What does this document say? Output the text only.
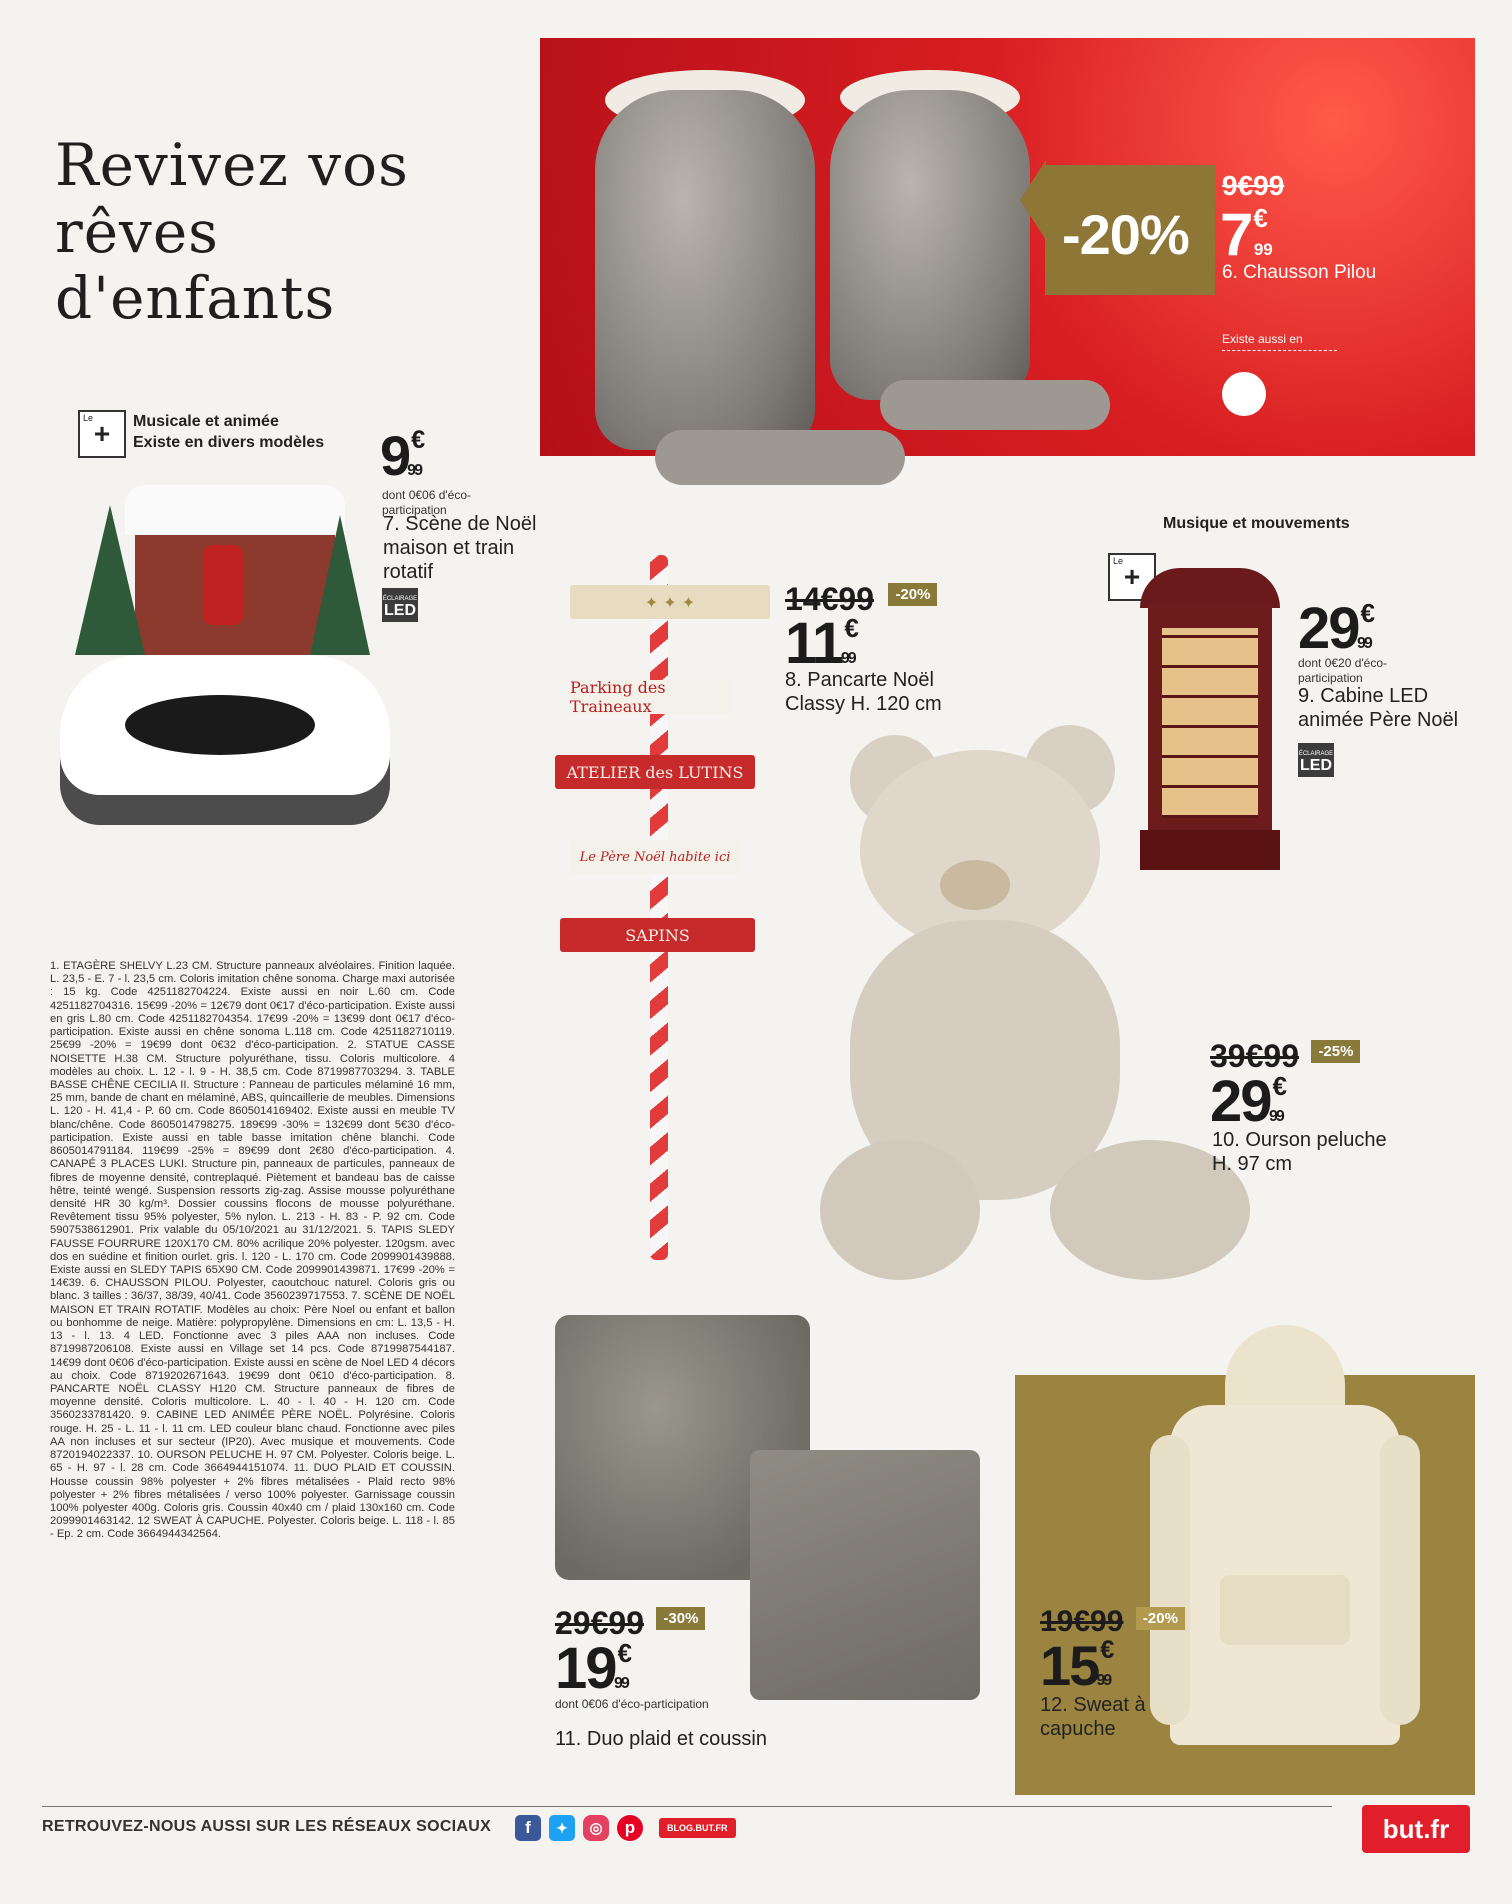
Revivez vos rêves
d'enfants
-20%
9€99
7€99
6. Chausson Pilou
Existe aussi en
Le +	Musicale et animée
Existe en divers modèles 9€99
dont 0€06 d'éco-participation
7. Scène de Noël maison et train rotatif
ÉCLAIRAGE
LED	✦ ✦ ✦
Parking des Traineaux
ATELIER des LUTINS
Le Père Noël habite ici
SAPINS
14€99 -20%
11€99
8. Pancarte Noël Classy H. 120 cm
Le +
Musique et mouvements
29€99
dont 0€20 d'éco-participation
9. Cabine LED animée Père Noël
ÉCLAIRAGE
LED
39€99 -25%
29€99
10. Ourson peluche H. 97 cm
29€99 -30%
19€99
dont 0€06 d'éco-participation
11. Duo plaid et coussin
19€99 -20%
15€99
12. Sweat à capuche

1. ETAGÈRE SHELVY L.23 CM. Structure panneaux alvéolaires. Finition laquée. L. 23,5 - E. 7 - l. 23,5 cm. Coloris imitation chêne sonoma. Charge maxi autorisée : 15 kg. Code 4251182704224. Existe aussi en noir L.60 cm. Code 4251182704316. 15€99 -20% = 12€79 dont 0€17 d'éco-participation. Existe aussi en gris L.80 cm. Code 4251182704354. 17€99 -20% = 13€99 dont 0€17 d'éco-participation. Existe aussi en chêne sonoma L.118 cm. Code 4251182710119. 25€99 -20% = 19€99 dont 0€32 d'éco-participation. 2. STATUE CASSE NOISETTE H.38 CM. Structure polyuréthane, tissu. Coloris multicolore. 4 modèles au choix. L. 12 - l. 9 - H. 38,5 cm. Code 8719987703294. 3. TABLE BASSE CHÊNE CECILIA II. Structure : Panneau de particules mélaminé 16 mm, 25 mm, bande de chant en mélaminé, ABS, quincaillerie de meubles. Dimensions L. 120 - H. 41,4 - P. 60 cm. Code 8605014169402. Existe aussi en meuble TV blanc/chêne. Code 8605014798275. 189€99 -30% = 132€99 dont 5€30 d'éco-participation. Existe aussi en table basse imitation chêne blanchi. Code 8605014791184. 119€99 -25% = 89€99 dont 2€80 d'éco-participation. 4. CANAPÉ 3 PLACES LUKI. Structure pin, panneaux de particules, panneaux de fibres de moyenne densité, contreplaqué. Piètement et bandeau bas de caisse hêtre, teinté wengé. Suspension ressorts zig-zag. Assise mousse polyuréthane densité HR 30 kg/m³. Dossier coussins flocons de mousse polyuréthane. Revêtement tissu 95% polyester, 5% nylon. L. 213 - H. 83 - P. 92 cm. Code 5907538612901. Prix valable du 05/10/2021 au 31/12/2021. 5. TAPIS SLEDY FAUSSE FOURRURE 120X170 CM. 80% acrilique 20% polyester. 120gsm. avec dos en suédine et finition ourlet. gris. l. 120 - L. 170 cm. Code 2099901439888. Existe aussi en SLEDY TAPIS 65X90 CM. Code 2099901439871. 17€99 -20% = 14€39. 6. CHAUSSON PILOU. Polyester, caoutchouc naturel. Coloris gris ou blanc. 3 tailles : 36/37, 38/39, 40/41. Code 3560239717553. 7. SCÈNE DE NOËL MAISON ET TRAIN ROTATIF. Modèles au choix: Père Noel ou enfant et ballon ou bonhomme de neige. Matière: polypropylène. Dimensions en cm: L. 13,5 - H. 13 - l. 13. 4 LED. Fonctionne avec 3 piles AAA non incluses. Code 8719987206108. Existe aussi en Village set 14 pcs. Code 8719987544187. 14€99 dont 0€06 d'éco-participation. Existe aussi en scène de Noel LED 4 décors au choix. Code 8719202671643. 19€99 dont 0€10 d'éco-participation. 8. PANCARTE NOËL CLASSY H120 CM. Structure panneaux de fibres de moyenne densité. Coloris multicolore. L. 40 - l. 40 - H. 120 cm. Code 3560233781420. 9. CABINE LED ANIMÉE PÈRE NOËL. Polyrésine. Coloris rouge. H. 25 - L. 11 - l. 11 cm. LED couleur blanc chaud. Fonctionne avec piles AA non incluses et sur secteur (IP20). Avec musique et mouvements. Code 8720194022337. 10. OURSON PELUCHE H. 97 CM. Polyester. Coloris beige. L. 65 - H. 97 - l. 28 cm. Code 3664944151074. 11. DUO PLAID ET COUSSIN. Housse coussin 98% polyester + 2% fibres métalisées - Plaid recto 98% polyester + 2% fibres métalisées / verso 100% polyester. Garnissage coussin 100% polyester 400g. Coloris gris. Coussin 40x40 cm / plaid 130x160 cm. Code 2099901463142. 12 SWEAT À CAPUCHE. Polyester. Coloris beige. L. 118 - l. 85 - Ep. 2 cm. Code 3664944342564.

RETROUVEZ-NOUS AUSSI SUR LES RÉSEAUX SOCIAUX	f	✦	◎	p	BLOG.BUT.FR	but.fr
